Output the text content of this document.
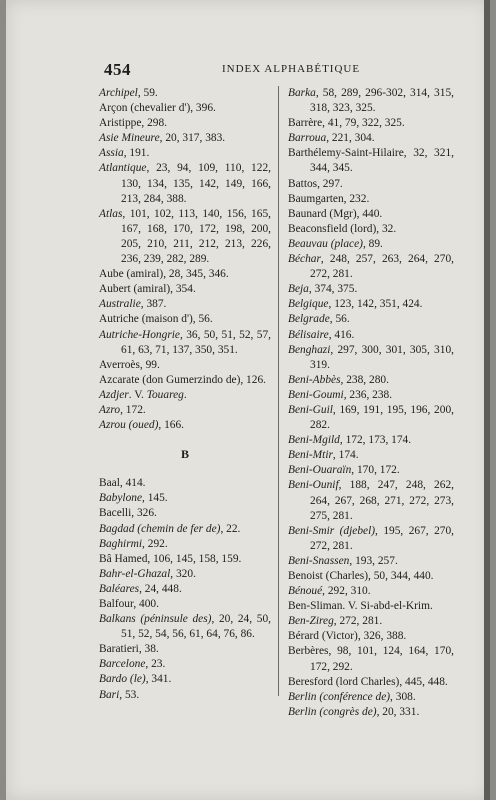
454	INDEX ALPHABÉTIQUE
Archipel, 59.
Arçon (chevalier d'), 396.
Aristippe, 298.
Asie Mineure, 20, 317, 383.
Assia, 191.
Atlantique, 23, 94, 109, 110, 122, 130, 134, 135, 142, 149, 166, 213, 284, 388.
Atlas, 101, 102, 113, 140, 156, 165, 167, 168, 170, 172, 198, 200, 205, 210, 211, 212, 213, 226, 236, 239, 282, 289.
Aube (amiral), 28, 345, 346.
Aubert (amiral), 354.
Australie, 387.
Autriche (maison d'), 56.
Autriche-Hongrie, 36, 50, 51, 52, 57, 61, 63, 71, 137, 350, 351.
Averroès, 99.
Azcarate (don Gumerzindo de), 126.
Azdjer. V. Touareg.
Azro, 172.
Azrou (oued), 166.
B
Baal, 414.
Babylone, 145.
Bacelli, 326.
Bagdad (chemin de fer de), 22.
Baghirmi, 292.
Bâ Hamed, 106, 145, 158, 159.
Bahr-el-Ghazal, 320.
Baléares, 24, 448.
Balfour, 400.
Balkans (péninsule des), 20, 24, 50, 51, 52, 54, 56, 61, 64, 76, 86.
Baratieri, 38.
Barcelone, 23.
Bardo (le), 341.
Bari, 53.
Barka, 58, 289, 296-302, 314, 315, 318, 323, 325.
Barrère, 41, 79, 322, 325.
Barroua, 221, 304.
Barthélemy-Saint-Hilaire, 32, 321, 344, 345.
Battos, 297.
Baumgarten, 232.
Baunard (Mgr), 440.
Beaconsfield (lord), 32.
Beauvau (place), 89.
Béchar, 248, 257, 263, 264, 270, 272, 281.
Beja, 374, 375.
Belgique, 123, 142, 351, 424.
Belgrade, 56.
Bélisaire, 416.
Benghazi, 297, 300, 301, 305, 310, 319.
Beni-Abbès, 238, 280.
Beni-Goumi, 236, 238.
Beni-Guil, 169, 191, 195, 196, 200, 282.
Beni-Mgild, 172, 173, 174.
Beni-Mtir, 174.
Beni-Ouaraïn, 170, 172.
Beni-Ounif, 188, 247, 248, 262, 264, 267, 268, 271, 272, 273, 275, 281.
Beni-Smir (djebel), 195, 267, 270, 272, 281.
Beni-Snassen, 193, 257.
Benoist (Charles), 50, 344, 440.
Bénoué, 292, 310.
Ben-Sliman. V. Si-abd-el-Krim.
Ben-Zireg, 272, 281.
Bérard (Victor), 326, 388.
Berbères, 98, 101, 124, 164, 170, 172, 292.
Beresford (lord Charles), 445, 448.
Berlin (conférence de), 308.
Berlin (congrès de), 20, 331.
